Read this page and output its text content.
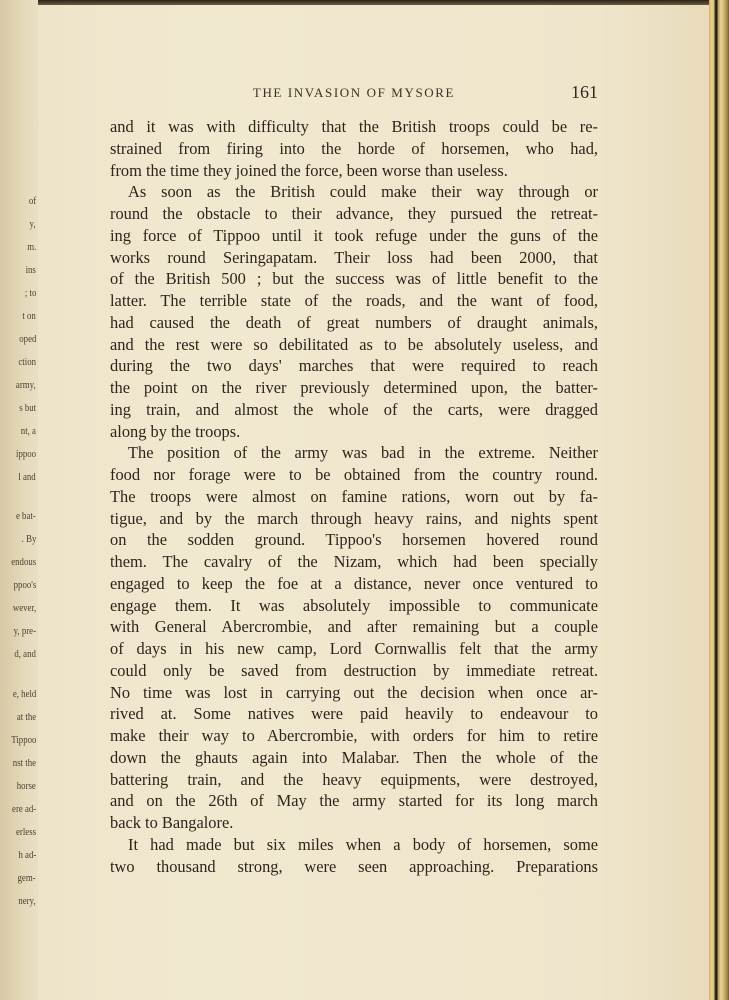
of
y,
m.
ins
; to
t on
oped
ction
army,
s but
nt, a
ippoo
l and
e bat-
. By
endous
ppoo's
wever,
y, pre-
d, and
e, held
at the
Tippoo
nst the
horse
ere ad-
erless
h ad-
gem-
nery,
THE INVASION OF MYSORE	161
and it was with difficulty that the British troops could be re-
strained from firing into the horde of horsemen, who had,
from the time they joined the force, been worse than useless.
As soon as the British could make their way through or
round the obstacle to their advance, they pursued the retreat-
ing force of Tippoo until it took refuge under the guns of the
works round Seringapatam. Their loss had been 2000, that
of the British 500 ; but the success was of little benefit to the
latter. The terrible state of the roads, and the want of food,
had caused the death of great numbers of draught animals,
and the rest were so debilitated as to be absolutely useless, and
during the two days' marches that were required to reach
the point on the river previously determined upon, the batter-
ing train, and almost the whole of the carts, were dragged
along by the troops.
The position of the army was bad in the extreme. Neither
food nor forage were to be obtained from the country round.
The troops were almost on famine rations, worn out by fa-
tigue, and by the march through heavy rains, and nights spent
on the sodden ground. Tippoo's horsemen hovered round
them. The cavalry of the Nizam, which had been specially
engaged to keep the foe at a distance, never once ventured to
engage them. It was absolutely impossible to communicate
with General Abercrombie, and after remaining but a couple
of days in his new camp, Lord Cornwallis felt that the army
could only be saved from destruction by immediate retreat.
No time was lost in carrying out the decision when once ar-
rived at. Some natives were paid heavily to endeavour to
make their way to Abercrombie, with orders for him to retire
down the ghauts again into Malabar. Then the whole of the
battering train, and the heavy equipments, were destroyed,
and on the 26th of May the army started for its long march
back to Bangalore.
It had made but six miles when a body of horsemen, some
two thousand strong, were seen approaching. Preparations
